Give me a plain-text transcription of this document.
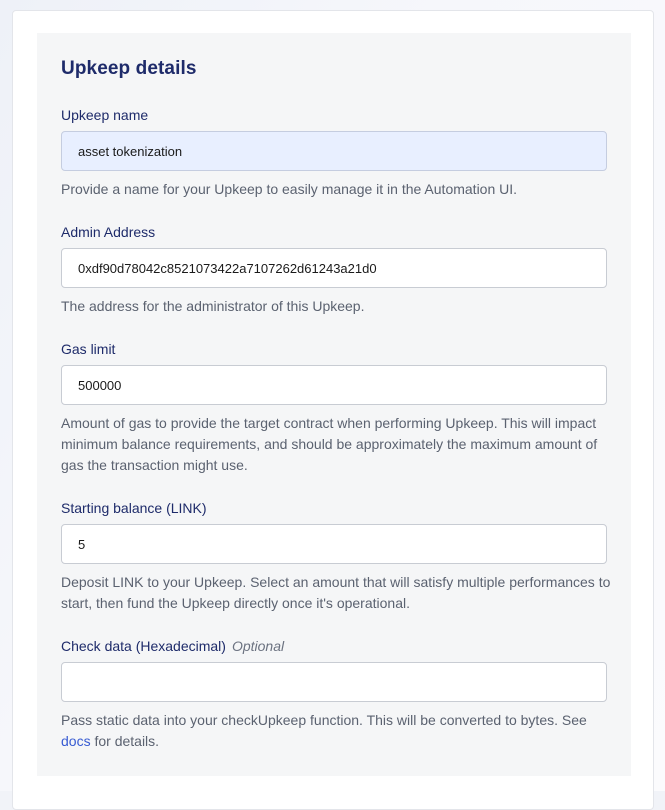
Upkeep details
Upkeep name
asset tokenization

Provide a name for your Upkeep to easily manage it in the Automation UI.

Admin Address
0xdf90d78042c8521073422a7107262d61243a21d0

The address for the administrator of this Upkeep.

Gas limit
500000

Amount of gas to provide the target contract when performing Upkeep. This will impact minimum balance requirements, and should be approximately the maximum amount of gas the transaction might use.

Starting balance (LINK)
5

Deposit LINK to your Upkeep. Select an amount that will satisfy multiple performances to start, then fund the Upkeep directly once it's operational.

Check data (Hexadecimal) Optional

Pass static data into your checkUpkeep function. This will be converted to bytes. See docs for details.
